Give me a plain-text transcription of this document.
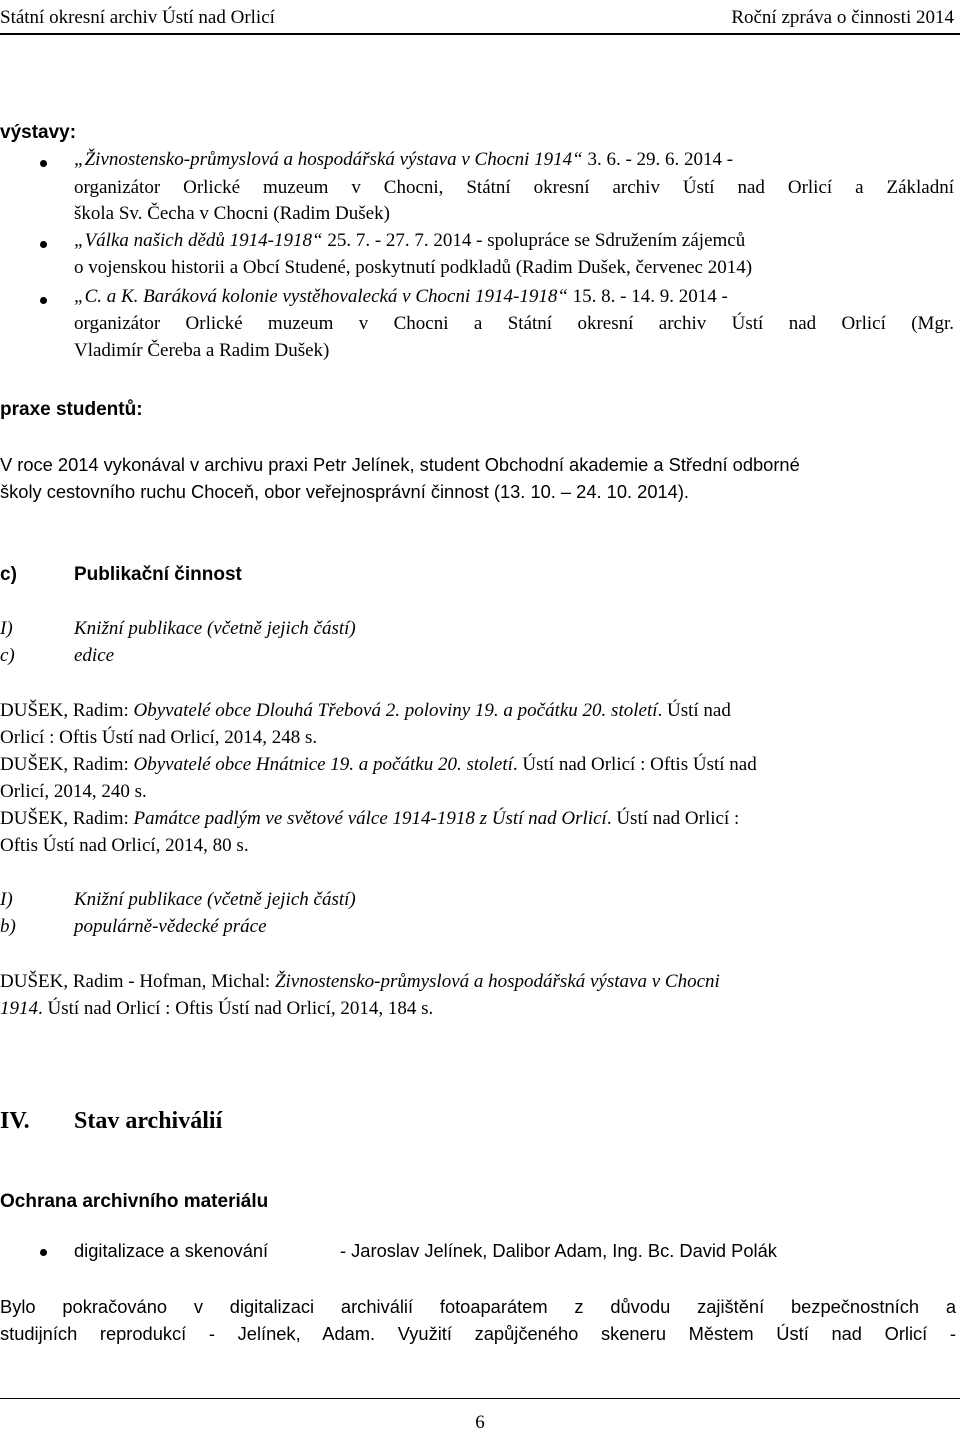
Státní okresní archiv Ústí nad Orlicí	Roční zpráva o činnosti 2014
výstavy:
„Živnostensko-průmyslová a hospodářská výstava v Chocni 1914“ 3. 6. - 29. 6. 2014 -
organizátor Orlické muzeum v Chocni, Státní okresní archiv Ústí nad Orlicí a Základní
škola Sv. Čecha v Chocni (Radim Dušek)
„Válka našich dědů 1914-1918“ 25. 7. - 27. 7. 2014 - spolupráce se Sdružením zájemců
o vojenskou historii a Obcí Studené, poskytnutí podkladů (Radim Dušek, červenec 2014)
„C. a K. Baráková kolonie vystěhovalecká v Chocni 1914-1918“ 15. 8. - 14. 9. 2014 -
organizátor Orlické muzeum v Chocni a Státní okresní archiv Ústí nad Orlicí (Mgr.
Vladimír Čereba a Radim Dušek)
praxe studentů:
V roce 2014 vykonával v archivu praxi Petr Jelínek, student Obchodní akademie a Střední odborné
školy cestovního ruchu Choceň, obor veřejnosprávní činnost (13. 10. – 24. 10. 2014).
c)	Publikační činnost
I)	Knižní publikace (včetně jejich částí)
c)	edice
DUŠEK, Radim: Obyvatelé obce Dlouhá Třebová 2. poloviny 19. a počátku 20. století. Ústí nad
Orlicí : Oftis Ústí nad Orlicí, 2014, 248 s.
DUŠEK, Radim: Obyvatelé obce Hnátnice 19. a počátku 20. století. Ústí nad Orlicí : Oftis Ústí nad
Orlicí, 2014, 240 s.
DUŠEK, Radim: Památce padlým ve světové válce 1914-1918 z Ústí nad Orlicí. Ústí nad Orlicí :
Oftis Ústí nad Orlicí, 2014, 80 s.
I)	Knižní publikace (včetně jejich částí)
b)	populárně-vědecké práce
DUŠEK, Radim - Hofman, Michal: Živnostensko-průmyslová a hospodářská výstava v Chocni
1914. Ústí nad Orlicí : Oftis Ústí nad Orlicí, 2014, 184 s.
IV. Stav archiválií
Ochrana archivního materiálu
digitalizace a skenování	- Jaroslav Jelínek, Dalibor Adam, Ing. Bc. David Polák
Bylo pokračováno v digitalizaci archiválií fotoaparátem z důvodu zajištění bezpečnostních a
studijních reprodukcí - Jelínek, Adam. Využití zapůjčeného skeneru Městem Ústí nad Orlicí -
6
